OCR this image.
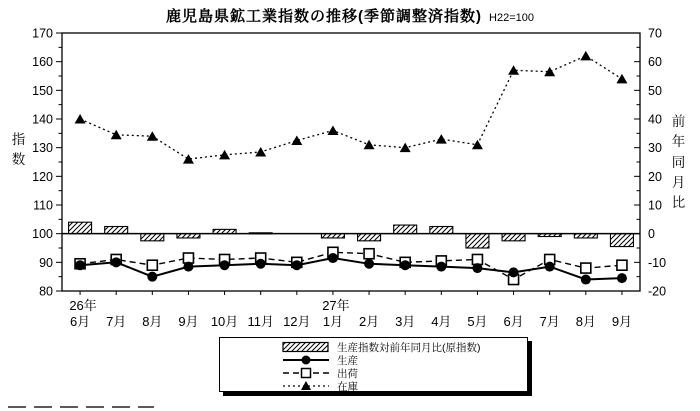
鹿児島県鉱工業指数の推移(季節調整済指数) H22=100
80
90
100
110
120
130
140
150
160
170
-20
-10
0
10
20
30
40
50
60
70
6月 7月 8月 9月 10月 11月 12月 1月 2月 3月 4月 5月 6月 7月 8月 9月
26年	27年
指数
前年同月比
生産指数対前年同月比(原指数)
生産
出荷
在庫
